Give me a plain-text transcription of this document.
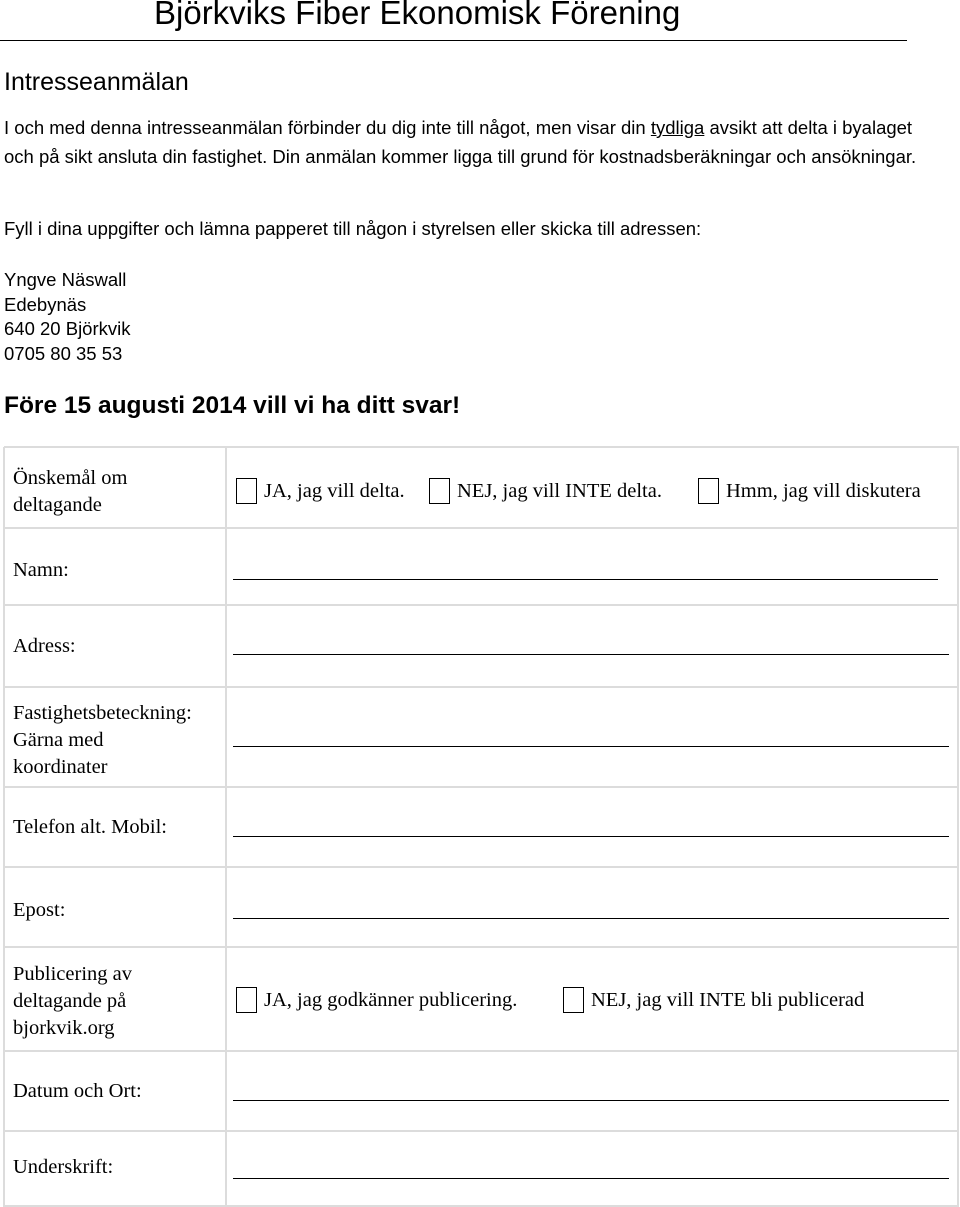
Björkviks Fiber Ekonomisk Förening
Intresseanmälan

I och med denna intresseanmälan förbinder du dig inte till något, men visar din tydliga avsikt att delta i byalaget och på sikt ansluta din fastighet. Din anmälan kommer ligga till grund för kostnadsberäkningar och ansökningar.

Fyll i dina uppgifter och lämna papperet till någon i styrelsen eller skicka till adressen:

Yngve Näswall
Edebynäs
640 20 Björkvik
0705 80 35 53

Före 15 augusti 2014 vill vi ha ditt svar!

Önskemål om
deltagande
JA, jag vill delta.	NEJ, jag vill INTE delta.	Hmm, jag vill diskutera
Namn:
Adress:
Fastighetsbeteckning:
Gärna med
koordinater
Telefon alt. Mobil:
Epost:
Publicering av
deltagande på
bjorkvik.org
JA, jag godkänner publicering.	NEJ, jag vill INTE bli publicerad
Datum och Ort:
Underskrift:
